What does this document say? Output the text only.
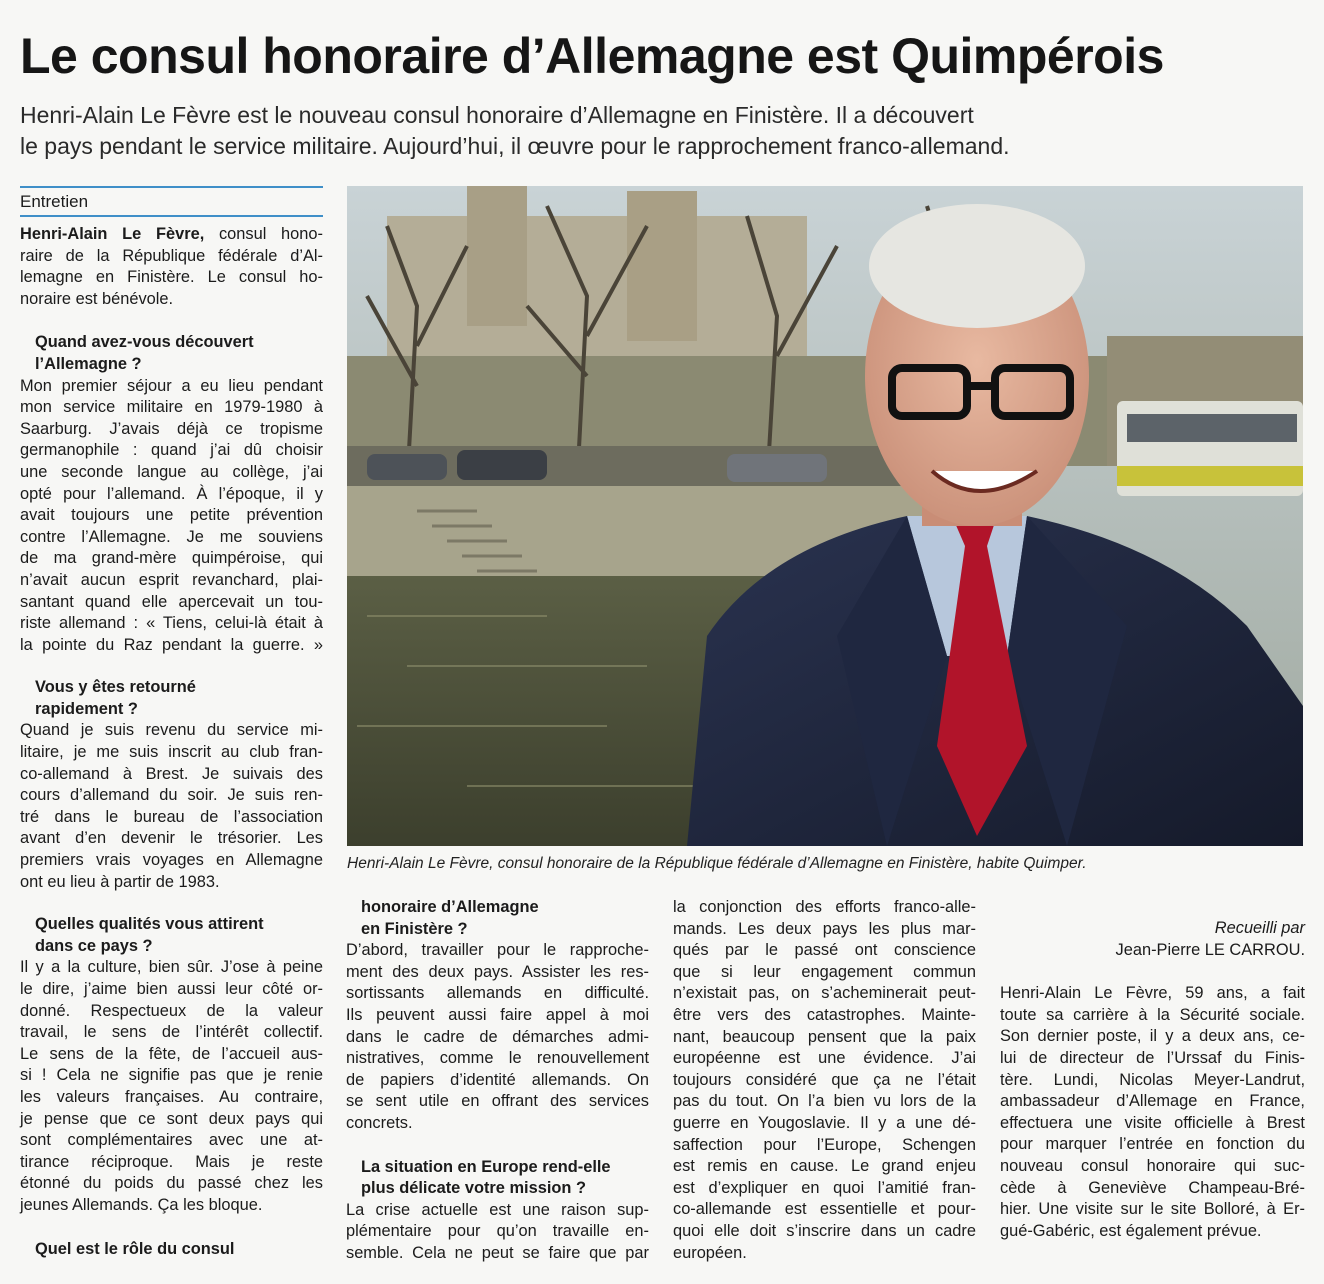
Le consul honoraire d’Allemagne est Quimpérois
Henri-Alain Le Fèvre est le nouveau consul honoraire d’Allemagne en Finistère. Il a découvert
le pays pendant le service militaire. Aujourd’hui, il œuvre pour le rapprochement franco-allemand.
Entretien

Henri-Alain Le Fèvre, consul hono-
raire de la République fédérale d’Al-
lemagne en Finistère. Le consul ho-
noraire est bénévole.

Quand avez-vous découvert
l’Allemagne ?

Mon premier séjour a eu lieu pendant
mon service militaire en 1979-1980 à
Saarburg. J’avais déjà ce tropisme
germanophile : quand j’ai dû choisir
une seconde langue au collège, j’ai
opté pour l’allemand. À l’époque, il y
avait toujours une petite prévention
contre l’Allemagne. Je me souviens
de ma grand-mère quimpéroise, qui
n’avait aucun esprit revanchard, plai-
santant quand elle apercevait un tou-
riste allemand : « Tiens, celui-là était à
la pointe du Raz pendant la guerre. »

Vous y êtes retourné
rapidement ?

Quand je suis revenu du service mi-
litaire, je me suis inscrit au club fran-
co-allemand à Brest. Je suivais des
cours d’allemand du soir. Je suis ren-
tré dans le bureau de l’association
avant d’en devenir le trésorier. Les
premiers vrais voyages en Allemagne
ont eu lieu à partir de 1983.

Quelles qualités vous attirent
dans ce pays ?

Il y a la culture, bien sûr. J’ose à peine
le dire, j’aime bien aussi leur côté or-
donné. Respectueux de la valeur
travail, le sens de l’intérêt collectif.
Le sens de la fête, de l’accueil aus-
si ! Cela ne signifie pas que je renie
les valeurs françaises. Au contraire,
je pense que ce sont deux pays qui
sont complémentaires avec une at-
tirance réciproque. Mais je reste
étonné du poids du passé chez les
jeunes Allemands. Ça les bloque.

Quel est le rôle du consul
Henri-Alain Le Fèvre, consul honoraire de la République fédérale d’Allemagne en Finistère, habite Quimper.
honoraire d’Allemagne
en Finistère ?

D’abord, travailler pour le rapproche-
ment des deux pays. Assister les res-
sortissants allemands en difficulté.
Ils peuvent aussi faire appel à moi
dans le cadre de démarches admi-
nistratives, comme le renouvellement
de papiers d’identité allemands. On
se sent utile en offrant des services
concrets.

La situation en Europe rend-elle
plus délicate votre mission ?

La crise actuelle est une raison sup-
plémentaire pour qu’on travaille en-
semble. Cela ne peut se faire que par

la conjonction des efforts franco-alle-
mands. Les deux pays les plus mar-
qués par le passé ont conscience
que si leur engagement commun
n’existait pas, on s’acheminerait peut-
être vers des catastrophes. Mainte-
nant, beaucoup pensent que la paix
européenne est une évidence. J’ai
toujours considéré que ça ne l’était
pas du tout. On l’a bien vu lors de la
guerre en Yougoslavie. Il y a une dé-
saffection pour l’Europe, Schengen
est remis en cause. Le grand enjeu
est d’expliquer en quoi l’amitié fran-
co-allemande est essentielle et pour-
quoi elle doit s’inscrire dans un cadre
européen.

Recueilli par
Jean-Pierre LE CARROU.

Henri-Alain Le Fèvre, 59 ans, a fait
toute sa carrière à la Sécurité sociale.
Son dernier poste, il y a deux ans, ce-
lui de directeur de l’Urssaf du Finis-
tère. Lundi, Nicolas Meyer-Landrut,
ambassadeur d’Allemage en France,
effectuera une visite officielle à Brest
pour marquer l’entrée en fonction du
nouveau consul honoraire qui suc-
cède à Geneviève Champeau-Bré-
hier. Une visite sur le site Bolloré, à Er-
gué-Gabéric, est également prévue.
